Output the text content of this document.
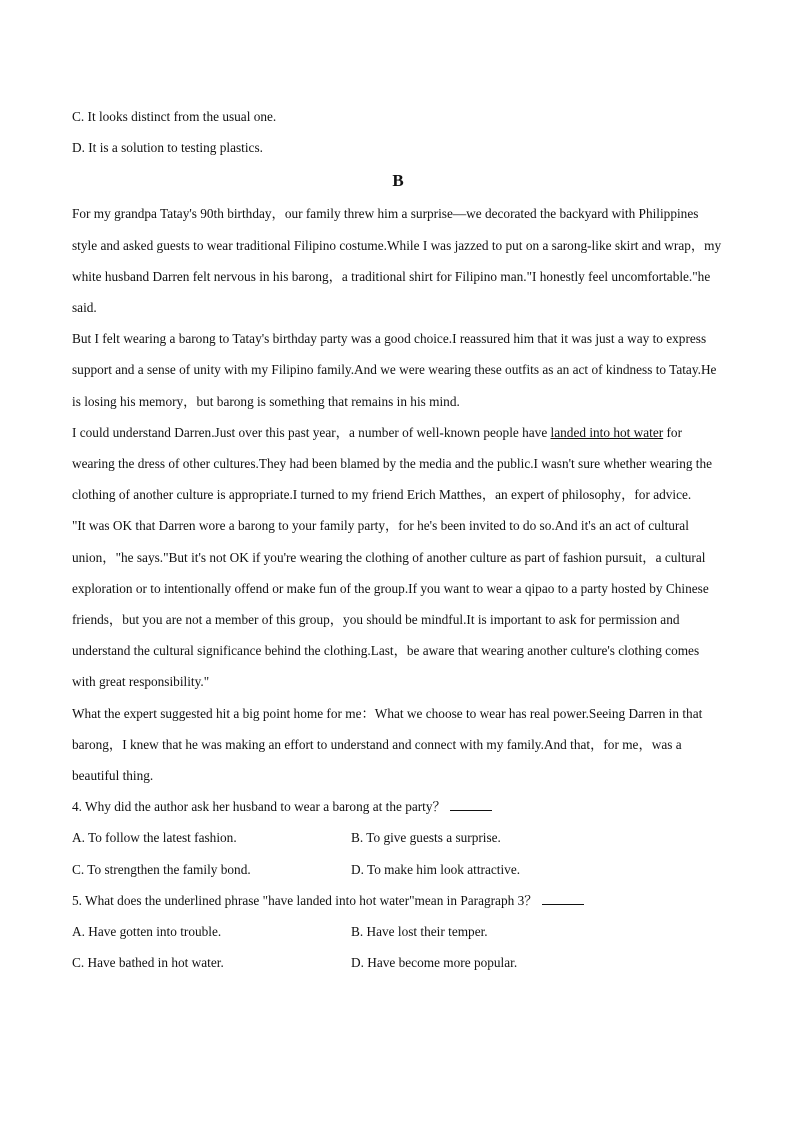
C. It looks distinct from the usual one.
D. It is a solution to testing plastics.
B

For my grandpa Tatay's 90th birthday，our family threw him a surprise—we decorated the backyard with Philippines style and asked guests to wear traditional Filipino costume.While I was jazzed to put on a sarong-like skirt and wrap，my white husband Darren felt nervous in his barong，a traditional shirt for Filipino man."I honestly feel uncomfortable."he said.

But I felt wearing a barong to Tatay's birthday party was a good choice.I reassured him that it was just a way to express support and a sense of unity with my Filipino family.And we were wearing these outfits as an act of kindness to Tatay.He is losing his memory，but barong is something that remains in his mind.

I could understand Darren.Just over this past year，a number of well-known people have landed into hot water for wearing the dress of other cultures.They had been blamed by the media and the public.I wasn't sure whether wearing the clothing of another culture is appropriate.I turned to my friend Erich Matthes，an expert of philosophy，for advice.

"It was OK that Darren wore a barong to your family party，for he's been invited to do so.And it's an act of cultural union，"he says."But it's not OK if you're wearing the clothing of another culture as part of fashion pursuit，a cultural exploration or to intentionally offend or make fun of the group.If you want to wear a qipao to a party hosted by Chinese friends，but you are not a member of this group，you should be mindful.It is important to ask for permission and understand the cultural significance behind the clothing.Last，be aware that wearing another culture's clothing comes with great responsibility."

What the expert suggested hit a big point home for me：What we choose to wear has real power.Seeing Darren in that barong，I knew that he was making an effort to understand and connect with my family.And that，for me，was a beautiful thing.

4. Why did the author ask her husband to wear a barong at the party？
A. To follow the latest fashion.	B. To give guests a surprise.
C. To strengthen the family bond.	D. To make him look attractive.
5. What does the underlined phrase "have landed into hot water"mean in Paragraph 3？
A. Have gotten into trouble.	B. Have lost their temper.
C. Have bathed in hot water.	D. Have become more popular.
